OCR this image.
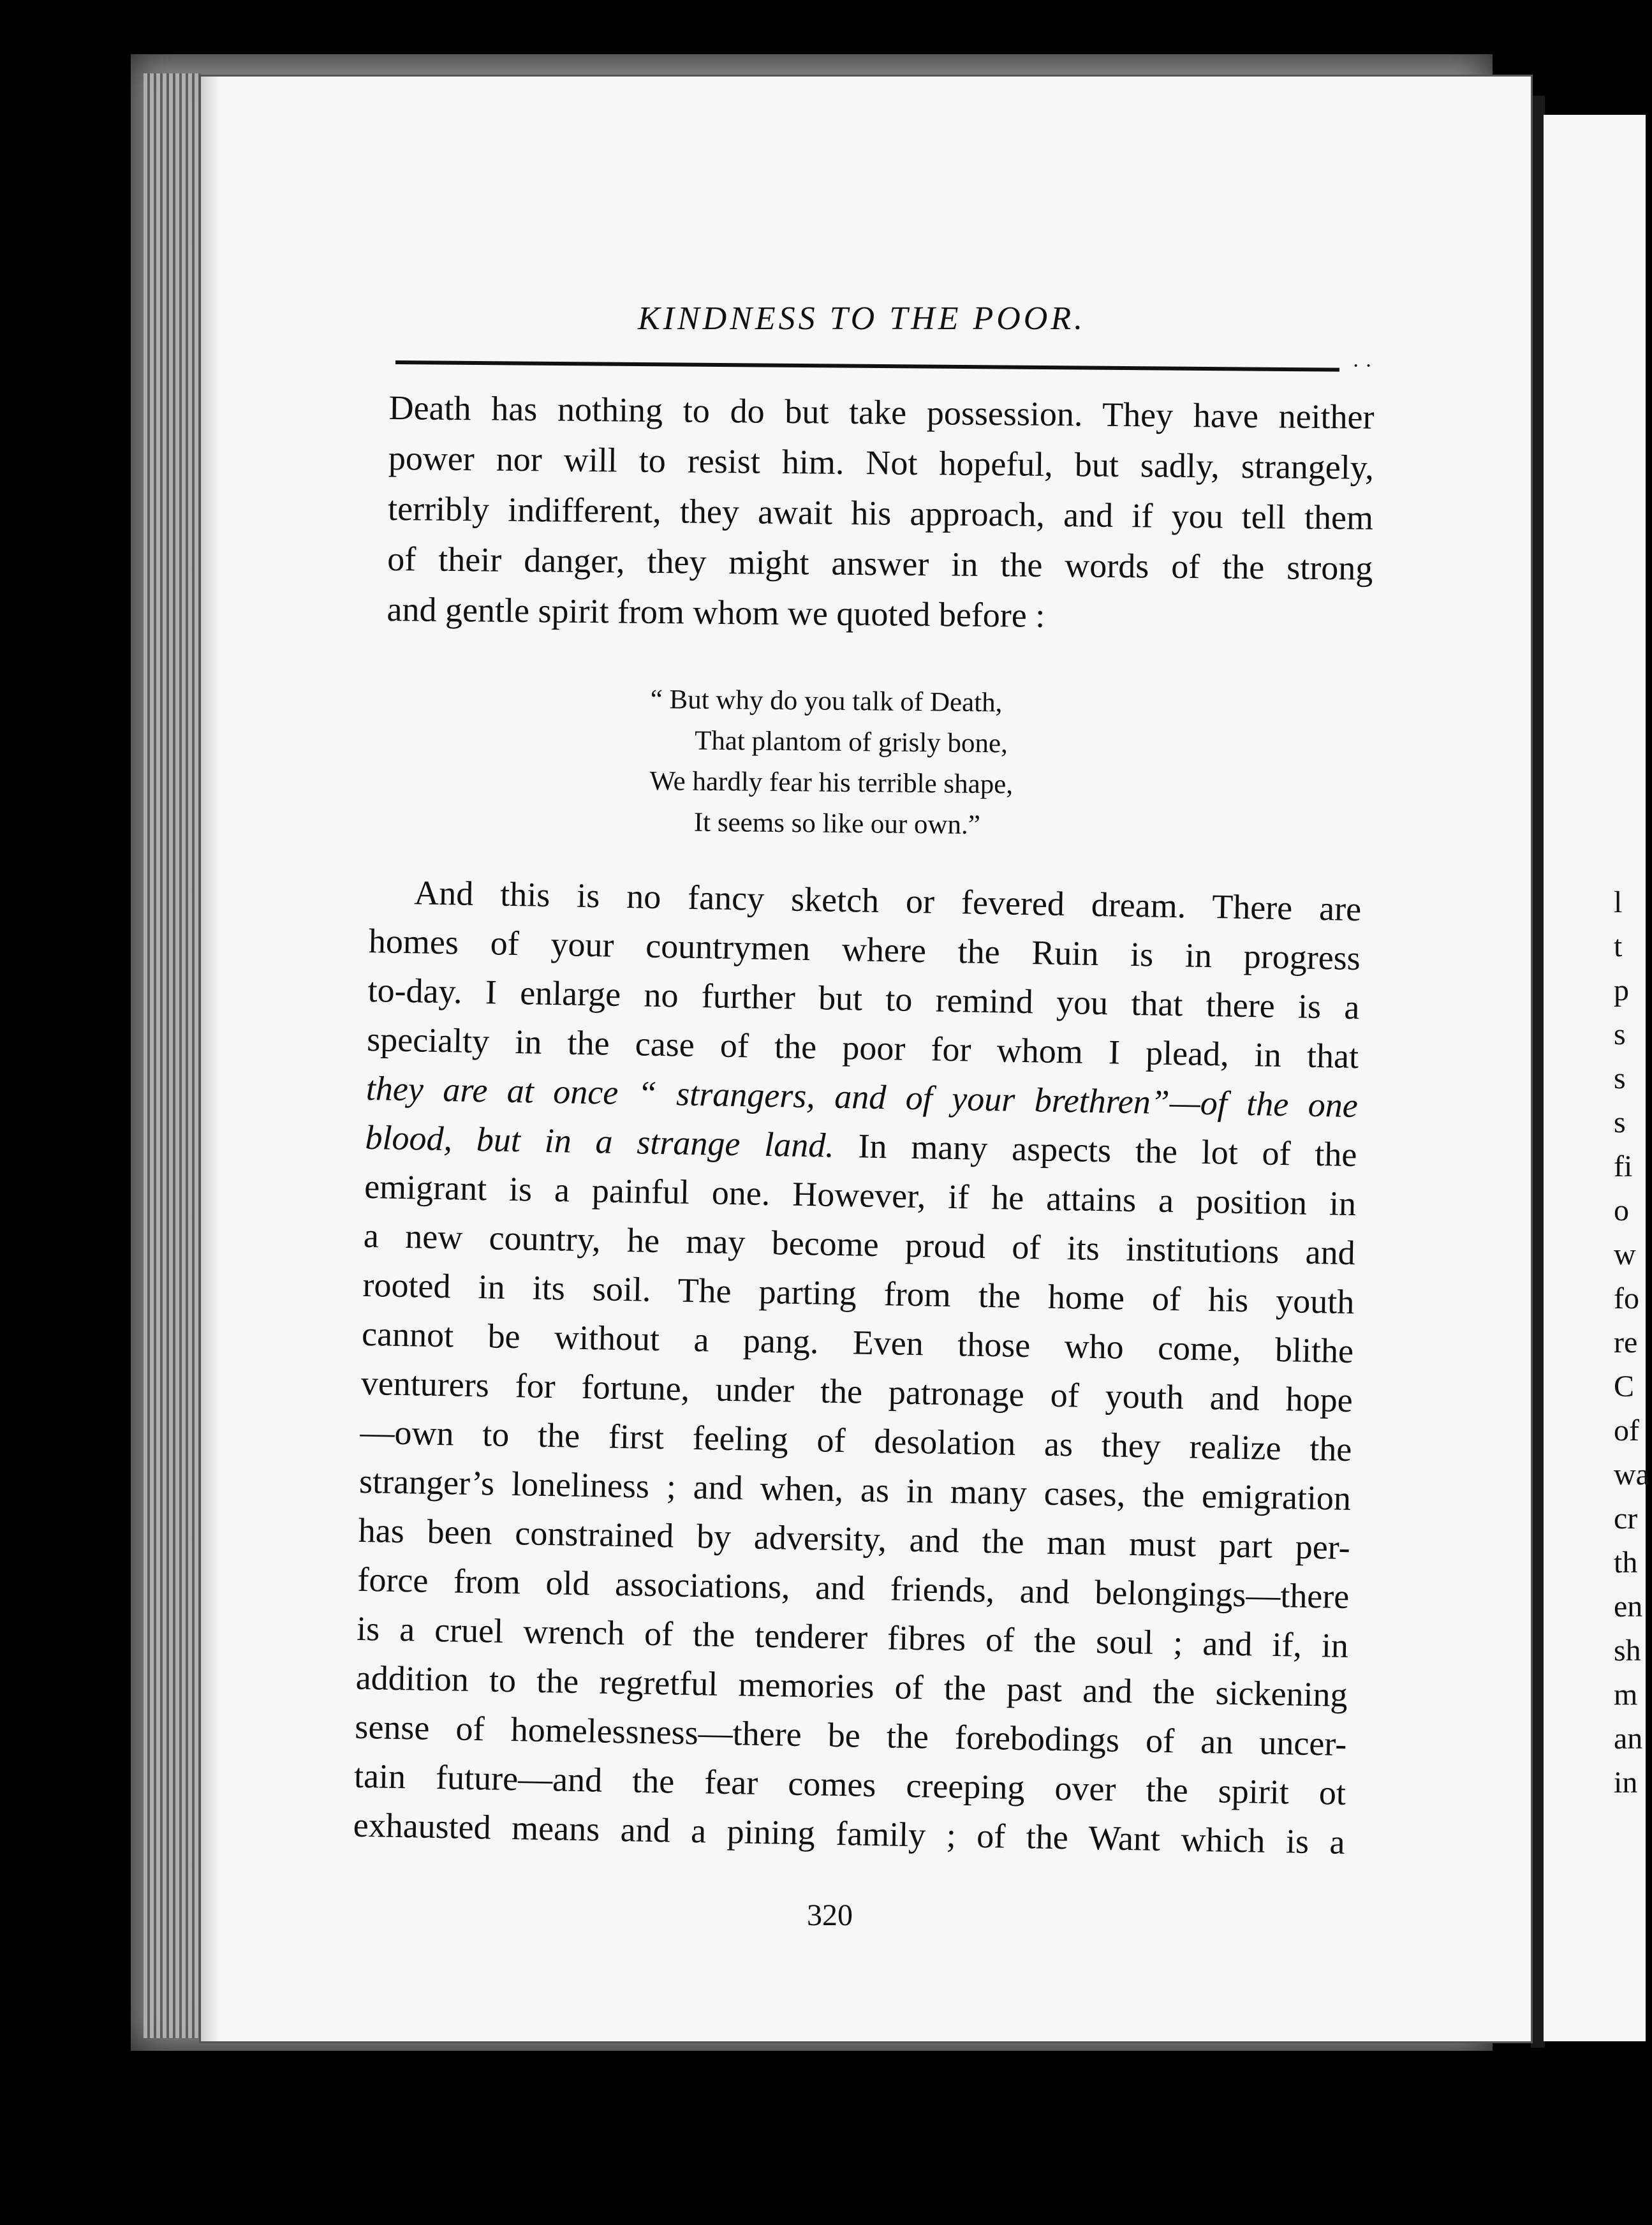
l
t
p
s
s
s
fi
o
w
fo
re
C
of
wa
cr
th
en
sh
m
an
in
KINDNESS TO THE POOR.
· ·
Death has nothing to do but take possession. They have neither
power nor will to resist him. Not hopeful, but sadly, strangely,
terribly indifferent, they await his approach, and if you tell them
of their danger, they might answer in the words of the strong
and gentle spirit from whom we quoted before :
“ But why do you talk of Death,
That plantom of grisly bone,
We hardly fear his terrible shape,
It seems so like our own.”
And this is no fancy sketch or fevered dream. There are
homes of your countrymen where the Ruin is in progress
to-day. I enlarge no further but to remind you that there is a
specialty in the case of the poor for whom I plead, in that
they are at once “ strangers, and of your brethren”—of the one
blood, but in a strange land. In many aspects the lot of the
emigrant is a painful one. However, if he attains a position in
a new country, he may become proud of its institutions and
rooted in its soil. The parting from the home of his youth
cannot be without a pang. Even those who come, blithe
venturers for fortune, under the patronage of youth and hope
—own to the first feeling of desolation as they realize the
stranger’s loneliness ; and when, as in many cases, the emigration
has been constrained by adversity, and the man must part per-
force from old associations, and friends, and belongings—there
is a cruel wrench of the tenderer fibres of the soul ; and if, in
addition to the regretful memories of the past and the sickening
sense of homelessness—there be the forebodings of an uncer-
tain future—and the fear comes creeping over the spirit ot
exhausted means and a pining family ; of the Want which is a
320
